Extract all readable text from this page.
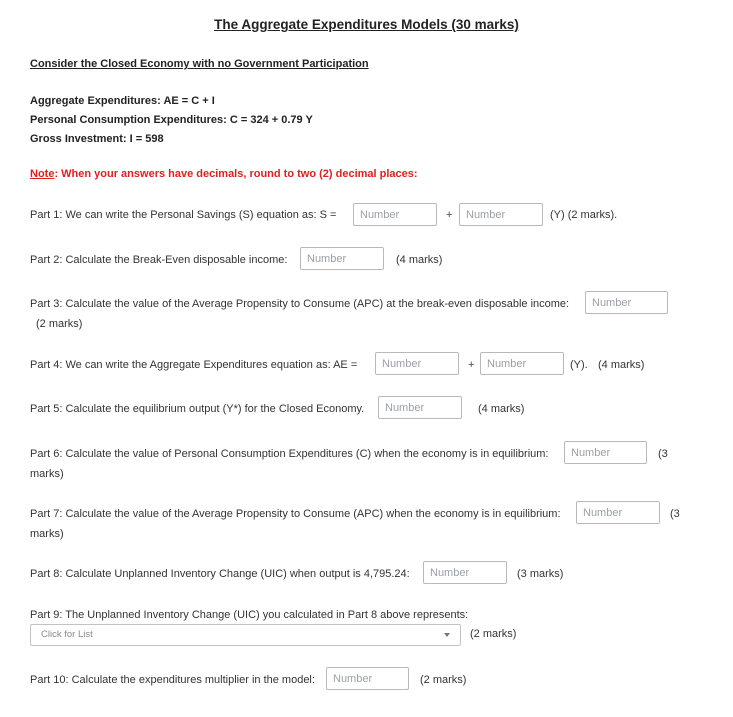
The Aggregate Expenditures Models (30 marks)
Consider the Closed Economy with no Government Participation
Aggregate Expenditures: AE = C + I
Personal Consumption Expenditures: C = 324 + 0.79 Y
Gross Investment: I = 598
Note: When your answers have decimals, round to two (2) decimal places:
Part 1: We can write the Personal Savings (S) equation as: S =
Number	+
Number	(Y) (2 marks).
Part 2: Calculate the Break-Even disposable income:
Number	(4 marks)
Part 3: Calculate the value of the Average Propensity to Consume (APC) at the break-even disposable income:
Number
(2 marks)
Part 4: We can write the Aggregate Expenditures equation as: AE =
Number	+
Number	(Y). (4 marks)
Part 5: Calculate the equilibrium output (Y*) for the Closed Economy.
Number	(4 marks)
Part 6: Calculate the value of Personal Consumption Expenditures (C) when the economy is in equilibrium:
Number	(3
marks)
Part 7: Calculate the value of the Average Propensity to Consume (APC) when the economy is in equilibrium:
Number	(3
marks)
Part 8: Calculate Unplanned Inventory Change (UIC) when output is 4,795.24:
Number	(3 marks)
Part 9: The Unplanned Inventory Change (UIC) you calculated in Part 8 above represents:
Click for List	(2 marks)
Part 10: Calculate the expenditures multiplier in the model:
Number	(2 marks)
